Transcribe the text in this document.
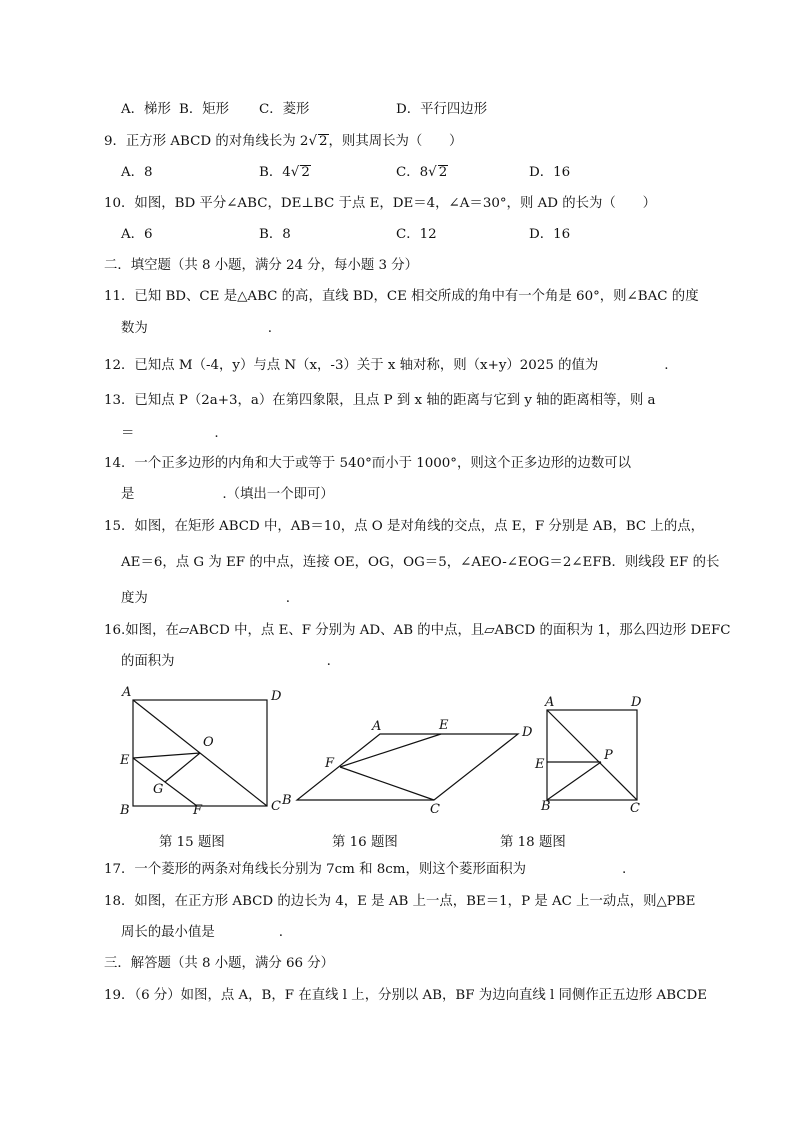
A．梯形 B．矩形 C．菱形	D．平行四边形
9．正方形 ABCD 的对角线长为 2√ 2，则其周长为（　　）
A．8	B．4√ 2	C．8√ 2	D．16
10．如图，BD 平分∠ABC，DE⊥BC 于点 E，DE＝4，∠A＝30°，则 AD 的长为（　　）
A．6	B．8	C．12	D．16
二．填空题（共 8 小题，满分 24 分，每小题 3 分）
11．已知 BD、CE 是△ABC 的高，直线 BD，CE 相交所成的角中有一个角是 60°，则∠BAC 的度
数为	.
12．已知点 M（-4，y）与点 N（x，-3）关于 x 轴对称，则（x+y）2025 的值为	.
13．已知点 P（2a+3，a）在第四象限，且点 P 到 x 轴的距离与它到 y 轴的距离相等，则 a
＝	.
14．一个正多边形的内角和大于或等于 540°而小于 1000°，则这个正多边形的边数可以
是	.（填出一个即可）
15．如图，在矩形 ABCD 中，AB＝10，点 O 是对角线的交点，点 E，F 分别是 AB，BC 上的点，
AE＝6，点 G 为 EF 的中点，连接 OE，OG，OG＝5，∠AEO-∠EOG＝2∠EFB．则线段 EF 的长
度为	.
16.如图，在▱ABCD 中，点 E、F 分别为 AD、AB 的中点，且▱ABCD 的面积为 1，那么四边形 DEFC
的面积为	.
A	D
O
E
G
B	F	C
A	E	D
F
B
C
A	D
E
P
B	C
第 15 题图	第 16 题图	第 18 题图
17．一个菱形的两条对角线长分别为 7cm 和 8cm，则这个菱形面积为	.
18．如图，在正方形 ABCD 的边长为 4，E 是 AB 上一点，BE＝1，P 是 AC 上一动点，则△PBE
周长的最小值是	.
三．解答题（共 8 小题，满分 66 分）
19．（6 分）如图，点 A，B，F 在直线 l 上，分别以 AB，BF 为边向直线 l 同侧作正五边形 ABCDE
